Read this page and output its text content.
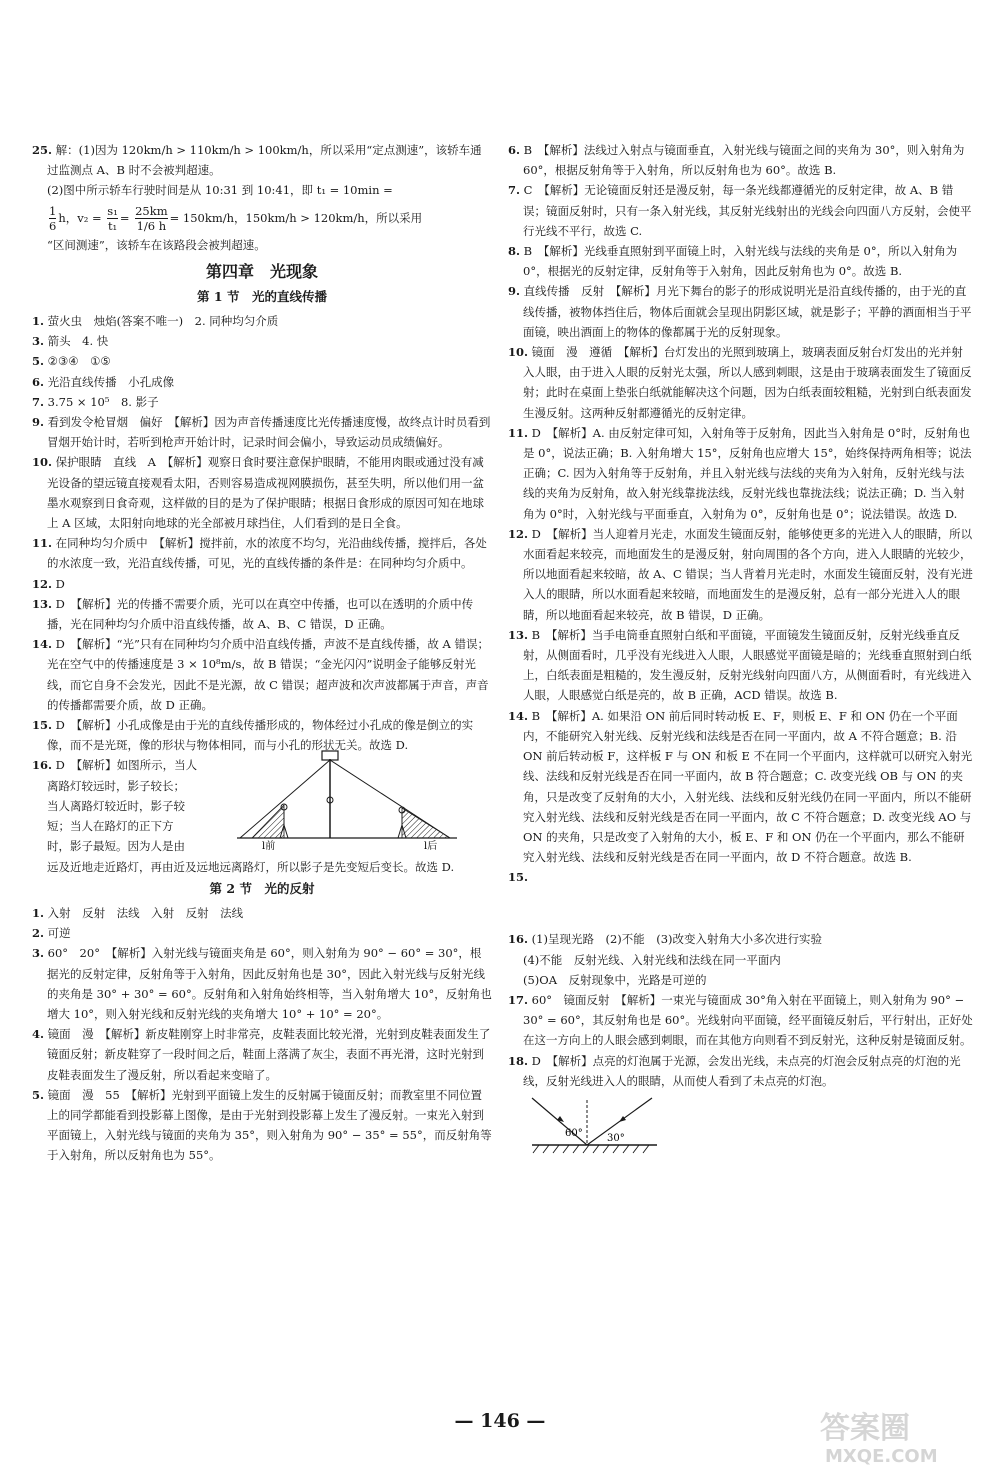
25. 解：(1)因为 120km/h > 110km/h > 100km/h，所以采用“定点测速”，该轿车通过监测点 A、B 时不会被判超速。

(2)图中所示轿车行驶时间是从 10:31 到 10:41，即 t₁ = 10min =

$\frac{1}{6}$ h，$v_2 = \frac{\text{s₁}}{\text{t₁}} = \frac{25km}{1/6 h} = 150km/h$，150km/h > 120km/h，所以采用

“区间测速”，该轿车在该路段会被判超速。

第四章　光现象
第 1 节　光的直线传播

1. 萤火虫　烛焰(答案不唯一)　2. 同种均匀介质

3. 箭头　4. 快

5. ②③④　①⑤

6. 光沿直线传播　小孔成像

7. 3.75 × 10⁵　8. 影子

9. 看到发令枪冒烟　偏好　【解析】因为声音传播速度比光传播速度慢，故终点计时员看到冒烟开始计时，若听到枪声开始计时，记录时间会偏小，导致运动员成绩偏好。

10. 保护眼睛　直线　A　【解析】观察日食时要注意保护眼睛，不能用肉眼或通过没有减光设备的望远镜直接观看太阳，否则容易造成视网膜损伤，甚至失明，所以他们用一盆墨水观察到日食奇观，这样做的目的是为了保护眼睛；根据日食形成的原因可知在地球上 A 区域，太阳射向地球的光全部被月球挡住，人们看到的是日全食。

11. 在同种均匀介质中　【解析】搅拌前，水的浓度不均匀，光沿曲线传播，搅拌后，各处的水浓度一致，光沿直线传播，可见，光的直线传播的条件是：在同种均匀介质中。

12. D

13. D　【解析】光的传播不需要介质，光可以在真空中传播，也可以在透明的介质中传播，光在同种均匀介质中沿直线传播，故 A、B、C 错误，D 正确。

14. D　【解析】“光”只有在同种均匀介质中沿直线传播，声波不是直线传播，故 A 错误；光在空气中的传播速度是 3 × 10⁸m/s，故 B 错误；“金光闪闪”说明金子能够反射光线，而它自身不会发光，因此不是光源，故 C 错误；超声波和次声波都属于声音，声音的传播都需要介质，故 D 正确。

15. D　【解析】小孔成像是由于光的直线传播形成的，物体经过小孔成的像是倒立的实像，而不是光斑，像的形状与物体相同，而与小孔的形状无关。故选 D.

16. D　【解析】如图所示，当人

离路灯较远时，影子较长；

当人离路灯较近时，影子较

短；当人在路灯的正下方

时，影子最短。因为人是由

远及近地走近路灯，再由近及远地远离路灯，所以影子是先变短后变长。故选 D.

第 2 节　光的反射

1. 入射　反射　法线　入射　反射　法线

2. 可逆

3. 60°　20°　【解析】入射光线与镜面夹角是 60°，则入射角为 90° − 60° = 30°，根据光的反射定律，反射角等于入射角，因此反射角也是 30°，因此入射光线与反射光线的夹角是 30° + 30° = 60°。反射角和入射角始终相等，当入射角增大 10°，反射角也增大 10°，则入射光线和反射光线的夹角增大 10° + 10° = 20°。

4. 镜面　漫　【解析】新皮鞋刚穿上时非常亮，皮鞋表面比较光滑，光射到皮鞋表面发生了镜面反射；新皮鞋穿了一段时间之后，鞋面上落满了灰尘，表面不再光滑，这时光射到皮鞋表面发生了漫反射，所以看起来变暗了。

5. 镜面　漫　55　【解析】光射到平面镜上发生的反射属于镜面反射；而教室里不同位置上的同学都能看到投影幕上图像，是由于光射到投影幕上发生了漫反射。一束光入射到平面镜上，入射光线与镜面的夹角为 35°，则入射角为 90° − 35° = 55°，而反射角等于入射角，所以反射角也为 55°。

l前	l后

6. B　【解析】法线过入射点与镜面垂直，入射光线与镜面之间的夹角为 30°，则入射角为 60°，根据反射角等于入射角，所以反射角也为 60°。故选 B.

7. C　【解析】无论镜面反射还是漫反射，每一条光线都遵循光的反射定律，故 A、B 错误；镜面反射时，只有一条入射光线，其反射光线射出的光线会向四面八方反射，会使平行光线不平行，故选 C.

8. B　【解析】光线垂直照射到平面镜上时，入射光线与法线的夹角是 0°，所以入射角为 0°，根据光的反射定律，反射角等于入射角，因此反射角也为 0°。故选 B.

9. 直线传播　反射　【解析】月光下舞台的影子的形成说明光是沿直线传播的，由于光的直线传播，被物体挡住后，物体后面就会呈现出阴影区域，就是影子；平静的酒面相当于平面镜，映出酒面上的物体的像都属于光的反射现象。

10. 镜面　漫　遵循　【解析】台灯发出的光照到玻璃上，玻璃表面反射台灯发出的光并射入人眼，由于进入人眼的反射光太强，所以人感到刺眼，这是由于玻璃表面发生了镜面反射；此时在桌面上垫张白纸就能解决这个问题，因为白纸表面较粗糙，光射到白纸表面发生漫反射。这两种反射都遵循光的反射定律。

11. D　【解析】A. 由反射定律可知，入射角等于反射角，因此当入射角是 0°时，反射角也是 0°，说法正确；B. 入射角增大 15°，反射角也应增大 15°，始终保持两角相等；说法正确；C. 因为入射角等于反射角，并且入射光线与法线的夹角为入射角，反射光线与法线的夹角为反射角，故入射光线靠拢法线，反射光线也靠拢法线；说法正确；D. 当入射角为 0°时，入射光线与平面垂直，入射角为 0°，反射角也是 0°；说法错误。故选 D.

12. D　【解析】当人迎着月光走，水面发生镜面反射，能够使更多的光进入人的眼睛，所以水面看起来较亮，而地面发生的是漫反射，射向周围的各个方向，进入人眼睛的光较少，所以地面看起来较暗，故 A、C 错误；当人背着月光走时，水面发生镜面反射，没有光进入人的眼睛，所以水面看起来较暗，而地面发生的是漫反射，总有一部分光进入人的眼睛，所以地面看起来较亮，故 B 错误，D 正确。

13. B　【解析】当手电筒垂直照射白纸和平面镜，平面镜发生镜面反射，反射光线垂直反射，从侧面看时，几乎没有光线进入人眼，人眼感觉平面镜是暗的；光线垂直照射到白纸上，白纸表面是粗糙的，发生漫反射，反射光线射向四面八方，从侧面看时，有光线进入人眼，人眼感觉白纸是亮的，故 B 正确，ACD 错误。故选 B.

14. B　【解析】A. 如果沿 ON 前后同时转动板 E、F，则板 E、F 和 ON 仍在一个平面内，不能研究入射光线、反射光线和法线是否在同一平面内，故 A 不符合题意；B. 沿 ON 前后转动板 F，这样板 F 与 ON 和板 E 不在同一个平面内，这样就可以研究入射光线、法线和反射光线是否在同一平面内，故 B 符合题意；C. 改变光线 OB 与 ON 的夹角，只是改变了反射角的大小，入射光线、法线和反射光线仍在同一平面内，所以不能研究入射光线、法线和反射光线是否在同一平面内，故 C 不符合题意；D. 改变光线 AO 与 ON 的夹角，只是改变了入射角的大小，板 E、F 和 ON 仍在一个平面内，那么不能研究入射光线、法线和反射光线是否在同一平面内，故 D 不符合题意。故选 B.

15.

16. (1)呈现光路　(2)不能　(3)改变入射角大小多次进行实验

(4)不能　反射光线、入射光线和法线在同一平面内

(5)OA　反射现象中，光路是可逆的

17. 60°　镜面反射　【解析】一束光与镜面成 30°角入射在平面镜上，则入射角为 90° − 30° = 60°，其反射角也是 60°。光线射向平面镜，经平面镜反射后，平行射出，正好处在这一方向上的人眼会感到刺眼，而在其他方向则看不到反射光，这种反射是镜面反射。

18. D　【解析】点亮的灯泡属于光源，会发出光线，未点亮的灯泡会反射点亮的灯泡的光线，反射光线进入人的眼睛，从而使人看到了未点亮的灯泡。

60° 30°
— 146 —	答案圈
MXQE.COM
